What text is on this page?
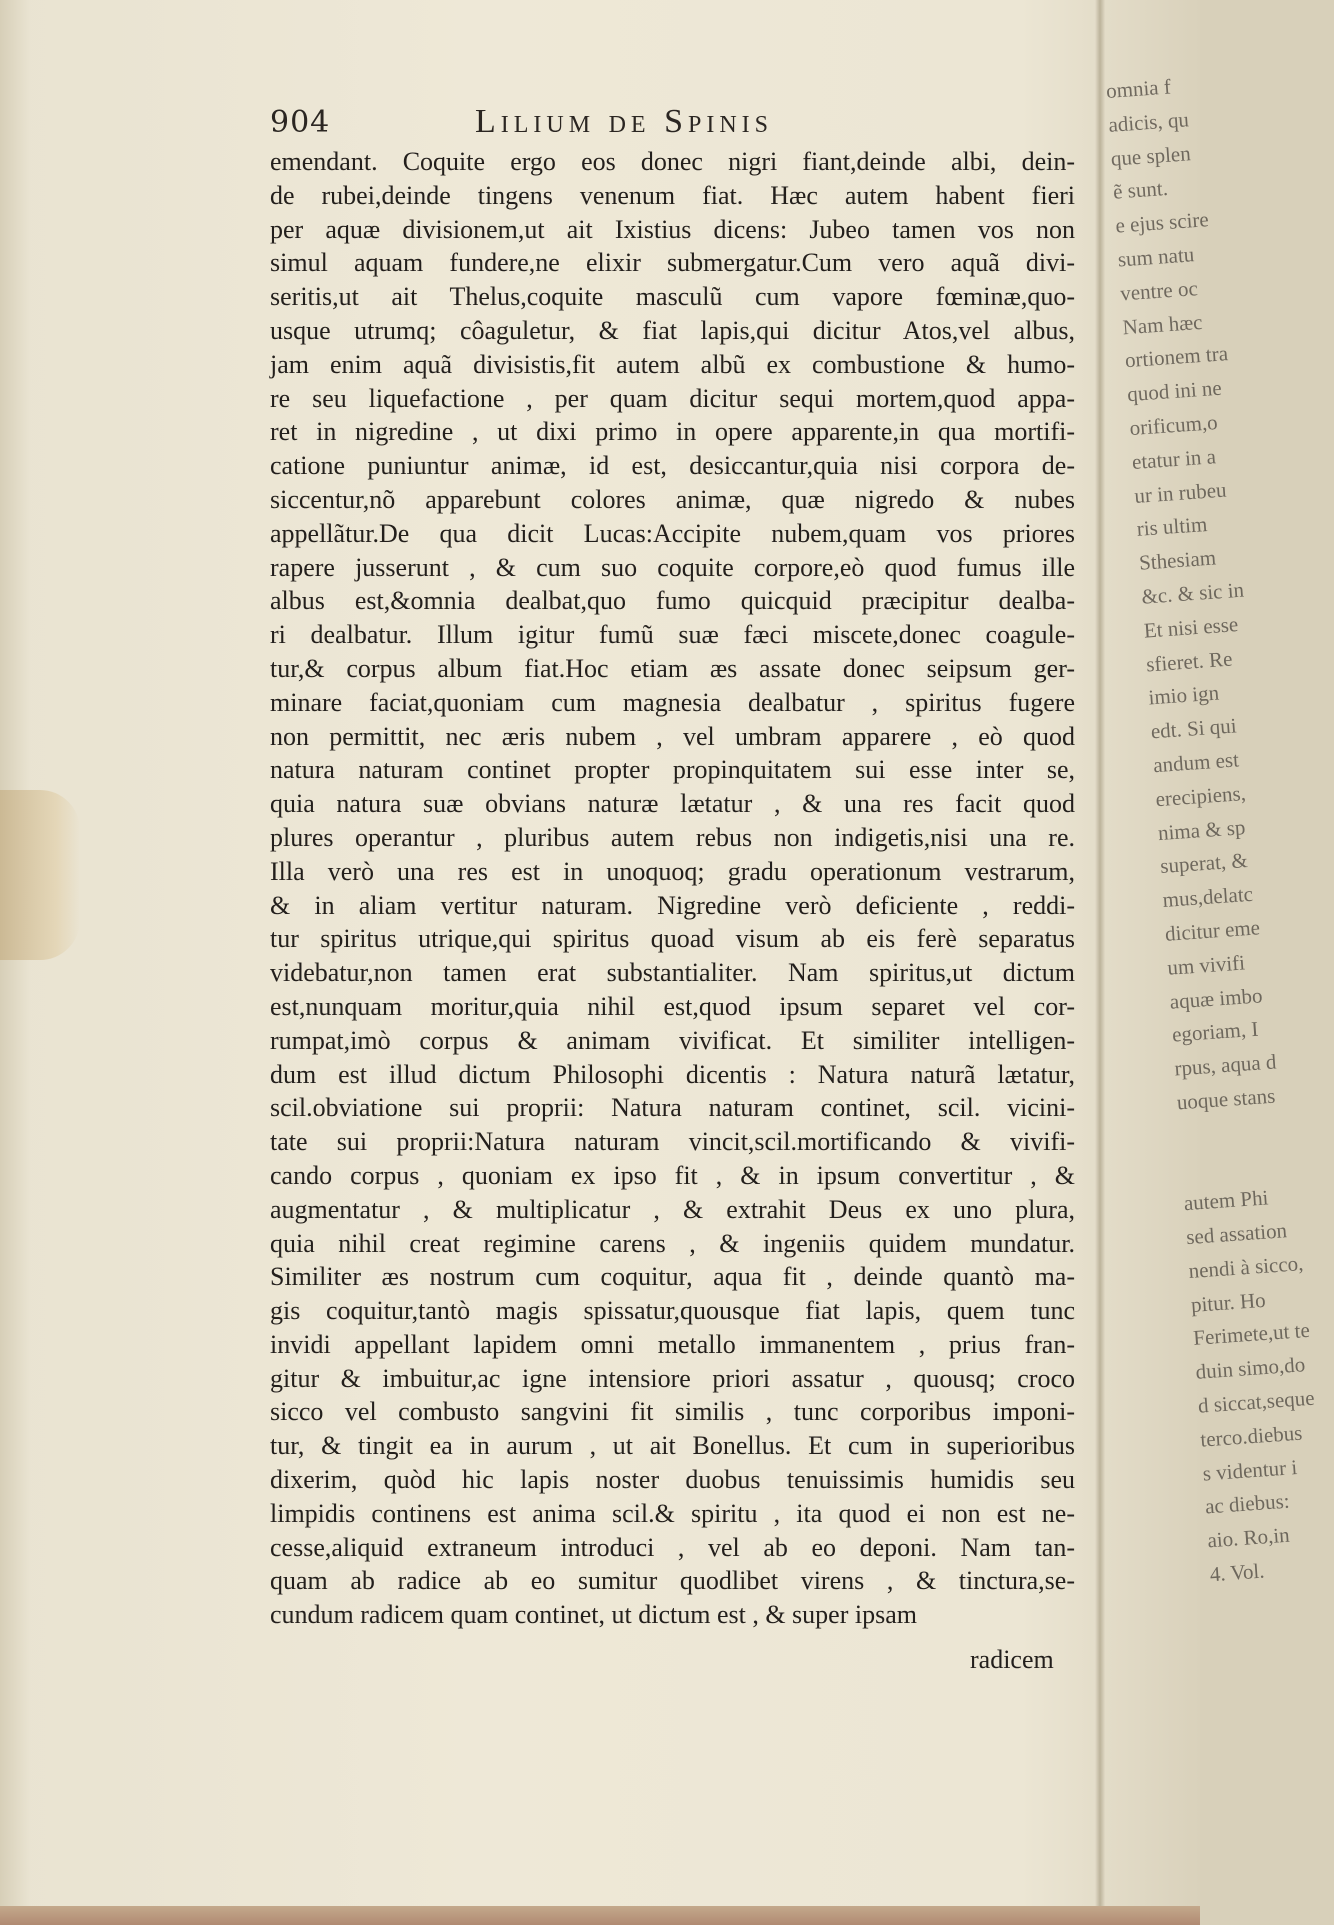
904	Lilium de Spinis
emendant. Coquite ergo eos donec nigri fiant,deinde albi, dein-
de rubei,deinde tingens venenum fiat. Hæc autem habent fieri
per aquæ divisionem,ut ait Ixistius dicens: Jubeo tamen vos non
simul aquam fundere,ne elixir submergatur.Cum vero aquã divi-
seritis,ut ait Thelus,coquite masculũ cum vapore fœminæ,quo-
usque utrumq; côaguletur, & fiat lapis,qui dicitur Atos,vel albus,
jam enim aquã divisistis,fit autem albũ ex combustione & humo-
re seu liquefactione , per quam dicitur sequi mortem,quod appa-
ret in nigredine , ut dixi primo in opere apparente,in qua mortifi-
catione puniuntur animæ, id est, desiccantur,quia nisi corpora de-
siccentur,nõ apparebunt colores animæ, quæ nigredo & nubes
appellãtur.De qua dicit Lucas:Accipite nubem,quam vos priores
rapere jusserunt , & cum suo coquite corpore,eò quod fumus ille
albus est,&omnia dealbat,quo fumo quicquid præcipitur dealba-
ri dealbatur. Illum igitur fumũ suæ fæci miscete,donec coagule-
tur,& corpus album fiat.Hoc etiam æs assate donec seipsum ger-
minare faciat,quoniam cum magnesia dealbatur , spiritus fugere
non permittit, nec æris nubem , vel umbram apparere , eò quod
natura naturam continet propter propinquitatem sui esse inter se,
quia natura suæ obvians naturæ lætatur , & una res facit quod
plures operantur , pluribus autem rebus non indigetis,nisi una re.
Illa verò una res est in unoquoq; gradu operationum vestrarum,
& in aliam vertitur naturam. Nigredine verò deficiente , reddi-
tur spiritus utrique,qui spiritus quoad visum ab eis ferè separatus
videbatur,non tamen erat substantialiter. Nam spiritus,ut dictum
est,nunquam moritur,quia nihil est,quod ipsum separet vel cor-
rumpat,imò corpus & animam vivificat. Et similiter intelligen-
dum est illud dictum Philosophi dicentis : Natura naturã lætatur,
scil.obviatione sui proprii: Natura naturam continet, scil. vicini-
tate sui proprii:Natura naturam vincit,scil.mortificando & vivifi-
cando corpus , quoniam ex ipso fit , & in ipsum convertitur , &
augmentatur , & multiplicatur , & extrahit Deus ex uno plura,
quia nihil creat regimine carens , & ingeniis quidem mundatur.
Similiter æs nostrum cum coquitur, aqua fit , deinde quantò ma-
gis coquitur,tantò magis spissatur,quousque fiat lapis, quem tunc
invidi appellant lapidem omni metallo immanentem , prius fran-
gitur & imbuitur,ac igne intensiore priori assatur , quousq; croco
sicco vel combusto sangvini fit similis , tunc corporibus imponi-
tur, & tingit ea in aurum , ut ait Bonellus. Et cum in superioribus
dixerim, quòd hic lapis noster duobus tenuissimis humidis seu
limpidis continens est anima scil.& spiritu , ita quod ei non est ne-
cesse,aliquid extraneum introduci , vel ab eo deponi. Nam tan-
quam ab radice ab eo sumitur quodlibet virens , & tinctura,se-
cundum radicem quam continet, ut dictum est , & super ipsam
radicem
omnia f
adicis, qu
que splen
ẽ sunt.
e ejus scire
sum natu
ventre oc
Nam hæc
ortionem tra
quod ini ne
orificum,o
etatur in a
ur in rubeu
ris ultim
Sthesiam
&c. & sic in
Et nisi esse
sfieret. Re
imio ign
edt. Si qui
andum est
erecipiens,
nima & sp
superat, &
mus,delatc
dicitur eme
um vivifi
aquæ imbo
egoriam, I
rpus, aqua d
uoque stans

autem Phi
sed assation
nendi à sicco,
pitur. Ho
Ferimete,ut te
duin simo,do
d siccat,seque
terco.diebus
s videntur i
ac diebus:
aio. Ro,in
4. Vol.
